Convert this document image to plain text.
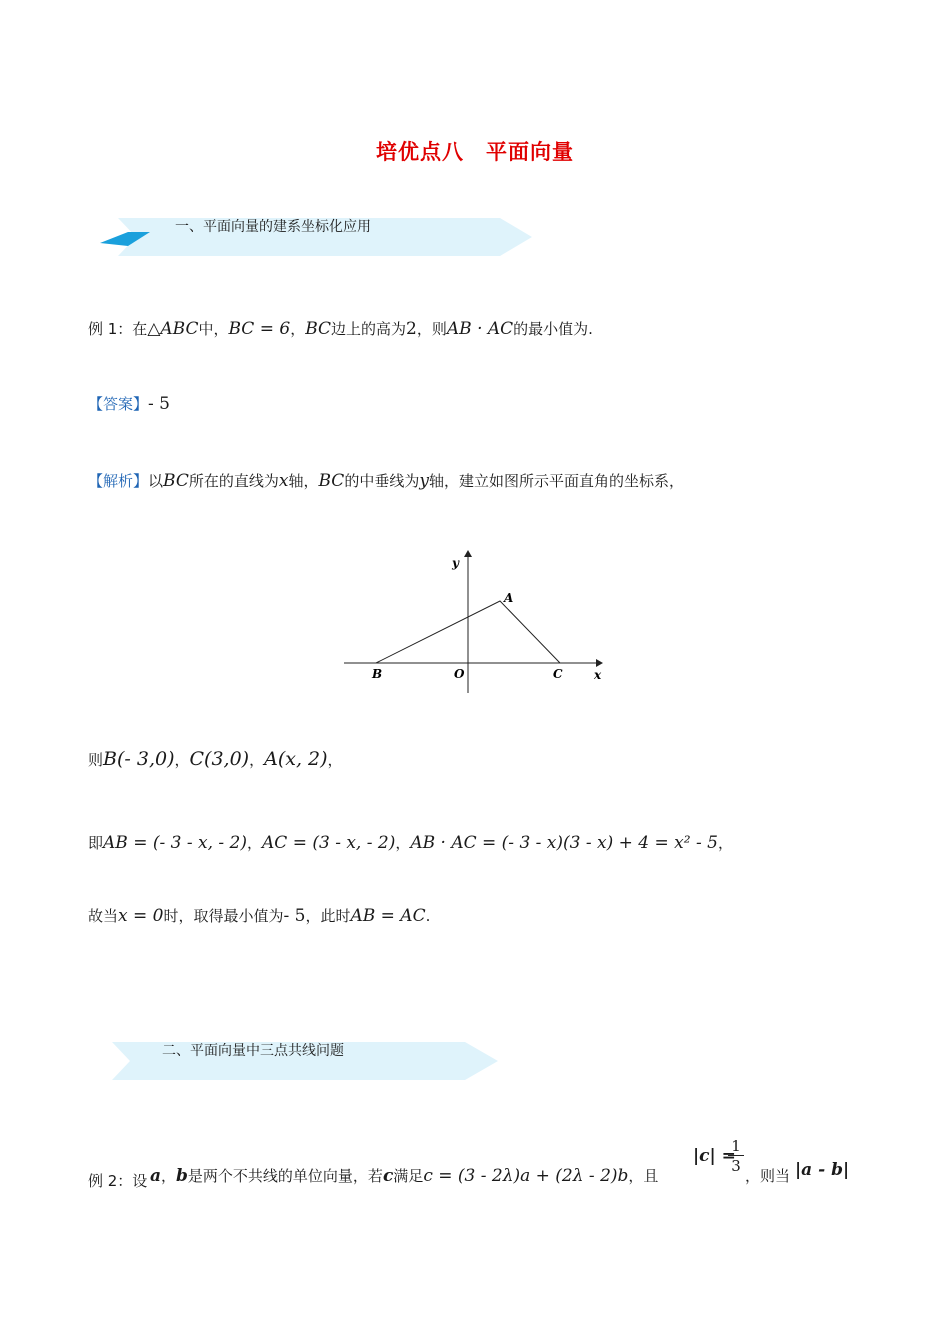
培优点八　平面向量
一、平面向量的建系坐标化应用
例 1：在△ABC中，BC = 6，BC边上的高为2，则AB · AC的最小值为.
【答案】- 5
【解析】以BC所在的直线为x轴，BC的中垂线为y轴，建立如图所示平面直角的坐标系，
y
x
A
B	C
O
则B(- 3,0)，C(3,0)，A(x, 2)，
即AB = (- 3 - x, - 2)，AC = (3 - x, - 2)，AB · AC = (- 3 - x)(3 - x) + 4 = x² - 5，
故当x = 0时，取得最小值为- 5，此时AB = AC.
二、平面向量中三点共线问题
例 2：设 a，b是两个不共线的单位向量，若c满足c = (3 - 2λ)a + (2λ - 2)b，且
|c| =
1
3
，则当 |a - b|
